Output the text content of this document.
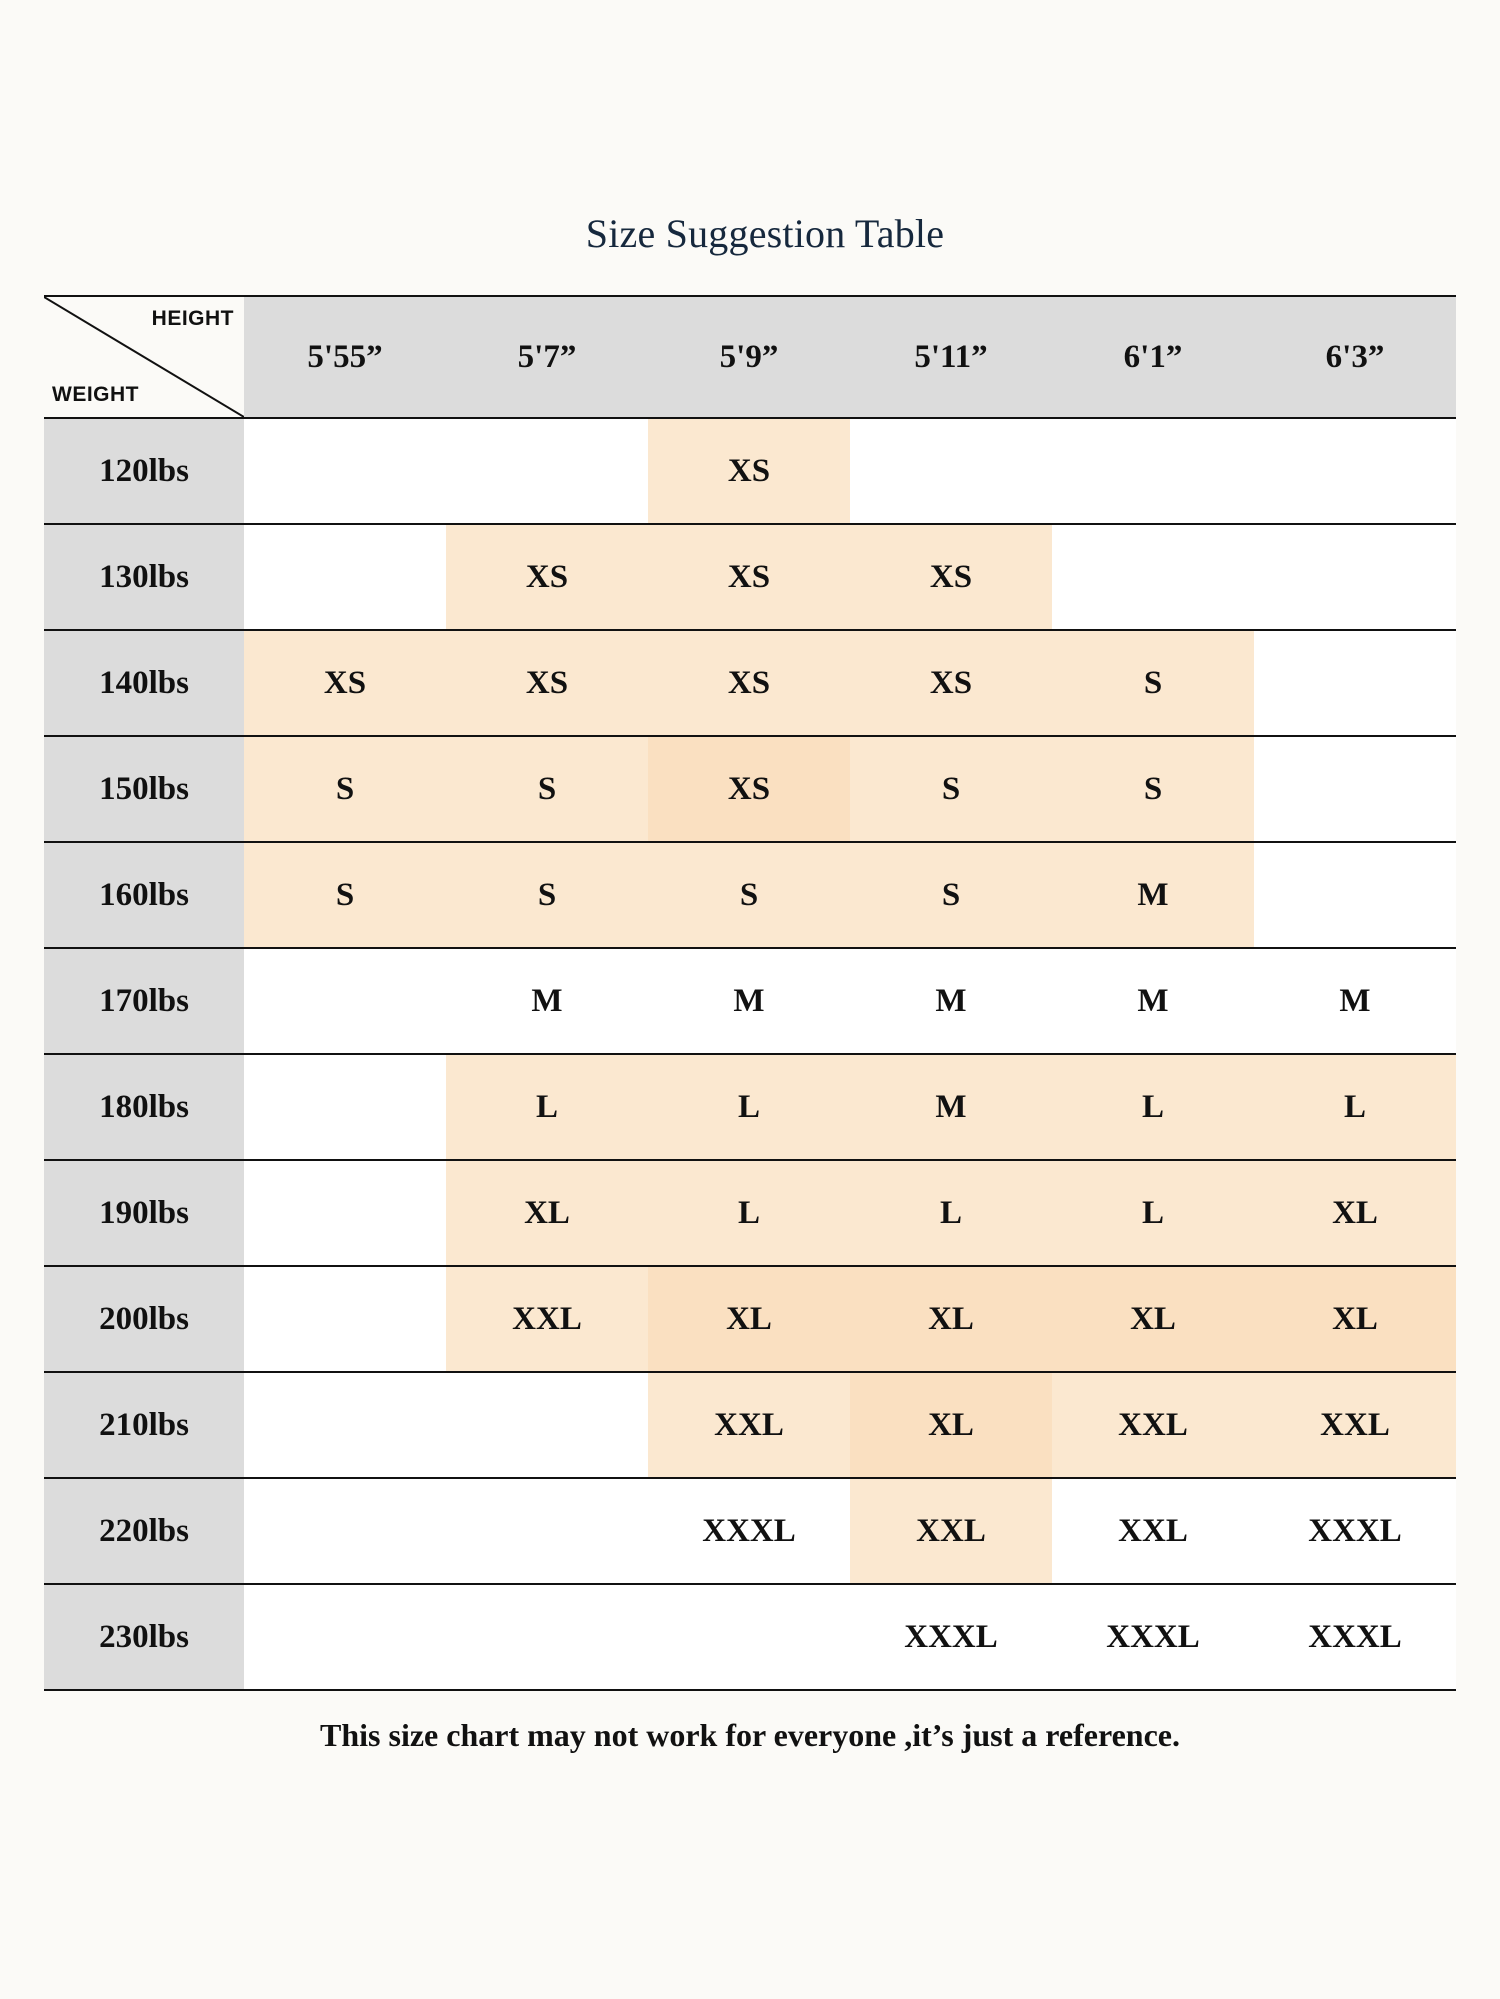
Size Suggestion Table
HEIGHT
WEIGHT	5'55”	5'7”	5'9”	5'11”	6'1”	6'3”
120lbs			XS			
130lbs		XS	XS	XS		
140lbs	XS	XS	XS	XS	S	
150lbs	S	S	XS	S	S	
160lbs	S	S	S	S	M	
170lbs		M	M	M	M	M
180lbs		L	L	M	L	L
190lbs		XL	L	L	L	XL
200lbs		XXL	XL	XL	XL	XL
210lbs			XXL	XL	XXL	XXL
220lbs			XXXL	XXL	XXL	XXXL
230lbs				XXXL	XXXL	XXXL
This size chart may not work for everyone ,it’s just a reference.
